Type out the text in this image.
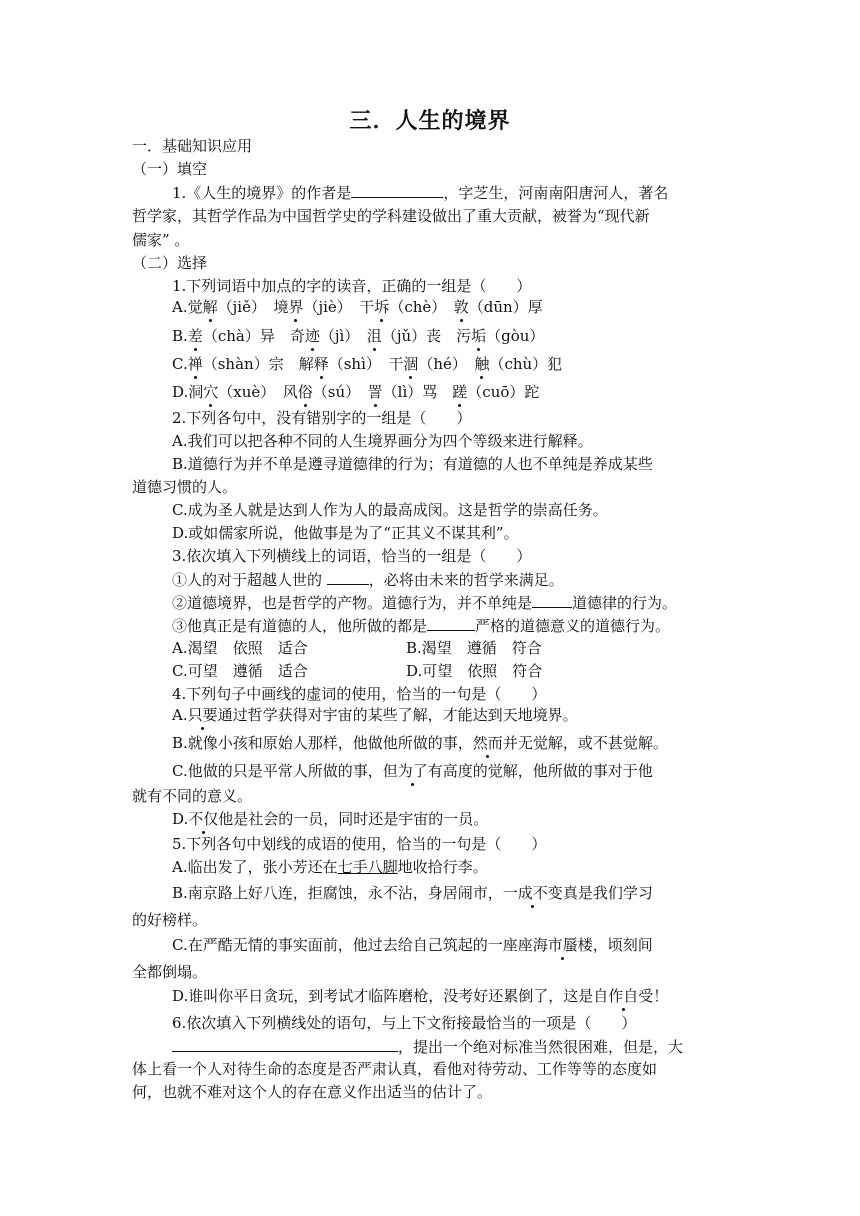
三．人生的境界
一．基础知识应用
（一）填空
1.《人生的境界》的作者是	，字芝生，河南南阳唐河人，著名
哲学家，其哲学作品为中国哲学史的学科建设做出了重大贡献，被誉为“现代新
儒家” 。
（二）选择
1.下列词语中加点的字的读音，正确的一组是（　　）
A.觉解（jiě）　境界（jiè）　干坼（chè）　敦（dūn）厚
B.差（chà）异　奇迹（jì）　沮（jǔ）丧　污垢（gòu）
C.禅（shàn）宗　解释（shì）　干涸（hé）　触（chù）犯
D.洞穴（xuè）　风俗（sú）　詈（lì）骂　蹉（cuō）跎
2.下列各句中，没有错别字的一组是（　　）
A.我们可以把各种不同的人生境界画分为四个等级来进行解释。
B.道德行为并不单是遵寻道德律的行为；有道德的人也不单纯是养成某些
道德习惯的人。
C.成为圣人就是达到人作为人的最高成闵。这是哲学的崇高任务。
D.或如儒家所说，他做事是为了“正其义不谋其利”。
3.依次填入下列横线上的词语，恰当的一组是（　　）
①人的对于超越人世的	，必将由未来的哲学来满足。
②道德境界，也是哲学的产物。道德行为，并不单纯是	道德律的行为。
③他真正是有道德的人，他所做的都是	严格的道德意义的道德行为。
A.渴望　依照　适合	B.渴望　遵循　符合
C.可望　遵循　适合	D.可望　依照　符合
4.下列句子中画线的虚词的使用，恰当的一句是（　　）
A.只要通过哲学获得对宇宙的某些了解，才能达到天地境界。
B.就像小孩和原始人那样，他做他所做的事，然而并无觉解，或不甚觉解。
C.他做的只是平常人所做的事，但为了有高度的觉解，他所做的事对于他
就有不同的意义。
D.不仅他是社会的一员，同时还是宇宙的一员。
5.下列各句中划线的成语的使用，恰当的一句是（　　）
A.临出发了，张小芳还在七手八脚地收拾行李。
B.南京路上好八连，拒腐蚀，永不沾，身居闹市，一成不变真是我们学习
的好榜样。
C.在严酷无情的事实面前，他过去给自己筑起的一座座海市蜃楼，顷刻间
全都倒塌。
D.谁叫你平日贪玩，到考试才临阵磨枪，没考好还累倒了，这是自作自受！
6.依次填入下列横线处的语句，与上下文衔接最恰当的一项是（　　）
，提出一个绝对标准当然很困难，但是，大
体上看一个人对待生命的态度是否严肃认真，看他对待劳动、工作等等的态度如
何，也就不难对这个人的存在意义作出适当的估计了。
